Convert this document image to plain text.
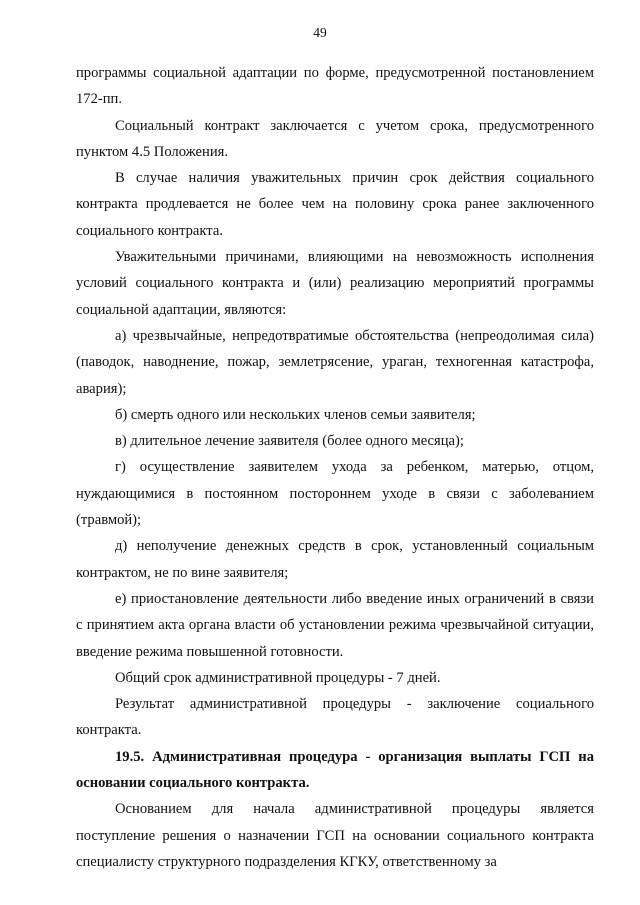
49

программы социальной адаптации по форме, предусмотренной постановлением 172-пп.

Социальный контракт заключается с учетом срока, предусмотренного пунктом 4.5 Положения.

В случае наличия уважительных причин срок действия социального контракта продлевается не более чем на половину срока ранее заключенного социального контракта.

Уважительными причинами, влияющими на невозможность исполнения условий социального контракта и (или) реализацию мероприятий программы социальной адаптации, являются:

а) чрезвычайные, непредотвратимые обстоятельства (непреодолимая сила) (паводок, наводнение, пожар, землетрясение, ураган, техногенная катастрофа, авария);

б) смерть одного или нескольких членов семьи заявителя;

в) длительное лечение заявителя (более одного месяца);

г) осуществление заявителем ухода за ребенком, матерью, отцом, нуждающимися в постоянном постороннем уходе в связи с заболеванием (травмой);

д) неполучение денежных средств в срок, установленный социальным контрактом, не по вине заявителя;

е) приостановление деятельности либо введение иных ограничений в связи с принятием акта органа власти об установлении режима чрезвычайной ситуации, введение режима повышенной готовности.

Общий срок административной процедуры - 7 дней.

Результат административной процедуры - заключение социального контракта.

19.5. Административная процедура - организация выплаты ГСП на основании социального контракта.

Основанием для начала административной процедуры является поступление решения о назначении ГСП на основании социального контракта специалисту структурного подразделения КГКУ, ответственному за
